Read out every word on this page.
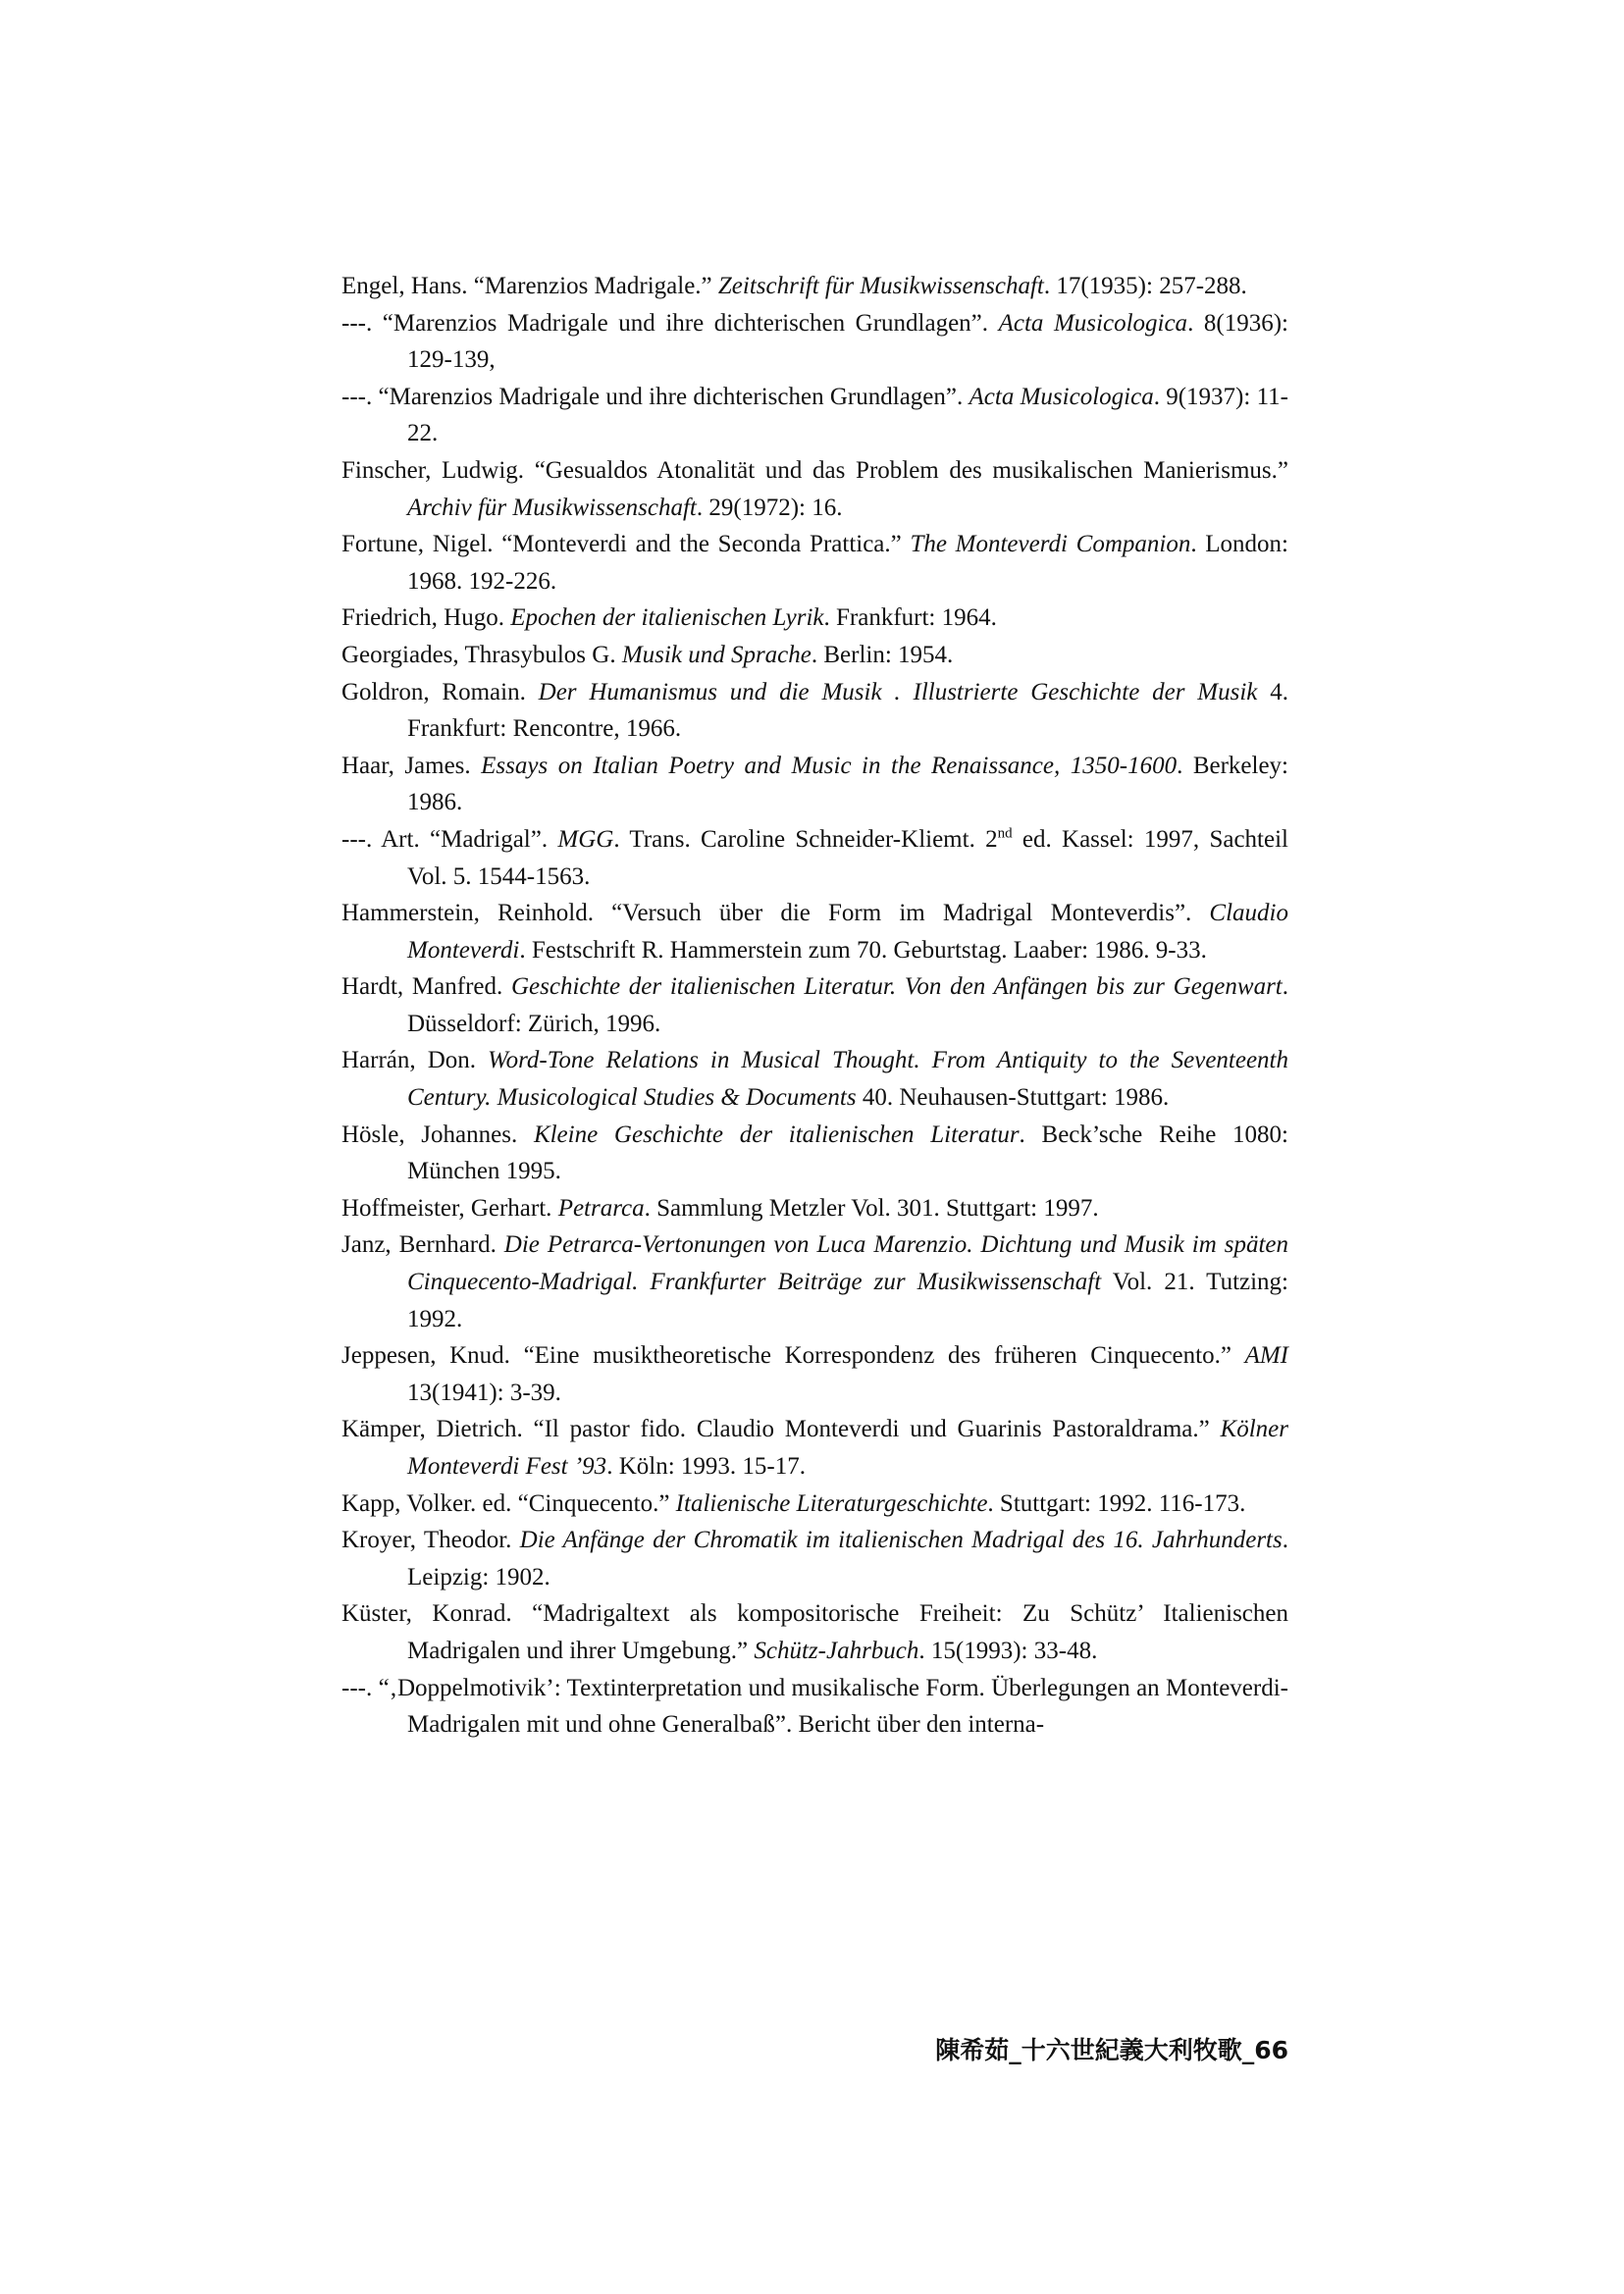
Engel, Hans. “Marenzios Madrigale.” Zeitschrift für Musikwissenschaft. 17(1935): 257-288.

---. “Marenzios Madrigale und ihre dichterischen Grundlagen”. Acta Musicologica. 8(1936): 129-139,

---. “Marenzios Madrigale und ihre dichterischen Grundlagen”. Acta Musicologica. 9(1937): 11-22.

Finscher, Ludwig. “Gesualdos Atonalität und das Problem des musikalischen Manierismus.” Archiv für Musikwissenschaft. 29(1972): 16.

Fortune, Nigel. “Monteverdi and the Seconda Prattica.” The Monteverdi Companion. London: 1968. 192-226.

Friedrich, Hugo. Epochen der italienischen Lyrik. Frankfurt: 1964.

Georgiades, Thrasybulos G. Musik und Sprache. Berlin: 1954.

Goldron, Romain. Der Humanismus und die Musik . Illustrierte Geschichte der Musik 4. Frankfurt: Rencontre, 1966.

Haar, James. Essays on Italian Poetry and Music in the Renaissance, 1350-1600. Berkeley: 1986.

---. Art. “Madrigal”. MGG. Trans. Caroline Schneider-Kliemt. 2nd ed. Kassel: 1997, Sachteil Vol. 5. 1544-1563.

Hammerstein, Reinhold. “Versuch über die Form im Madrigal Monteverdis”. Claudio Monteverdi. Festschrift R. Hammerstein zum 70. Geburtstag. Laaber: 1986. 9-33.

Hardt, Manfred. Geschichte der italienischen Literatur. Von den Anfängen bis zur Gegenwart. Düsseldorf: Zürich, 1996.

Harrán, Don. Word-Tone Relations in Musical Thought. From Antiquity to the Seventeenth Century. Musicological Studies & Documents 40. Neuhausen-Stuttgart: 1986.

Hösle, Johannes. Kleine Geschichte der italienischen Literatur. Beck’sche Reihe 1080: München 1995.

Hoffmeister, Gerhart. Petrarca. Sammlung Metzler Vol. 301. Stuttgart: 1997.

Janz, Bernhard. Die Petrarca-Vertonungen von Luca Marenzio. Dichtung und Musik im späten Cinquecento-Madrigal. Frankfurter Beiträge zur Musikwissenschaft Vol. 21. Tutzing: 1992.

Jeppesen, Knud. “Eine musiktheoretische Korrespondenz des früheren Cinquecento.” AMI 13(1941): 3-39.

Kämper, Dietrich. “Il pastor fido. Claudio Monteverdi und Guarinis Pastoraldrama.” Kölner Monteverdi Fest ’93. Köln: 1993. 15-17.

Kapp, Volker. ed. “Cinquecento.” Italienische Literaturgeschichte. Stuttgart: 1992. 116-173.

Kroyer, Theodor. Die Anfänge der Chromatik im italienischen Madrigal des 16. Jahrhunderts. Leipzig: 1902.

Küster, Konrad. “Madrigaltext als kompositorische Freiheit: Zu Schütz’ Italienischen Madrigalen und ihrer Umgebung.” Schütz-Jahrbuch. 15(1993): 33-48.

---. “‚Doppelmotivik’: Textinterpretation und musikalische Form. Überlegungen an Monteverdi-Madrigalen mit und ohne Generalbaß”. Bericht über den interna-

陳希茹_十六世紀義大利牧歌_66
